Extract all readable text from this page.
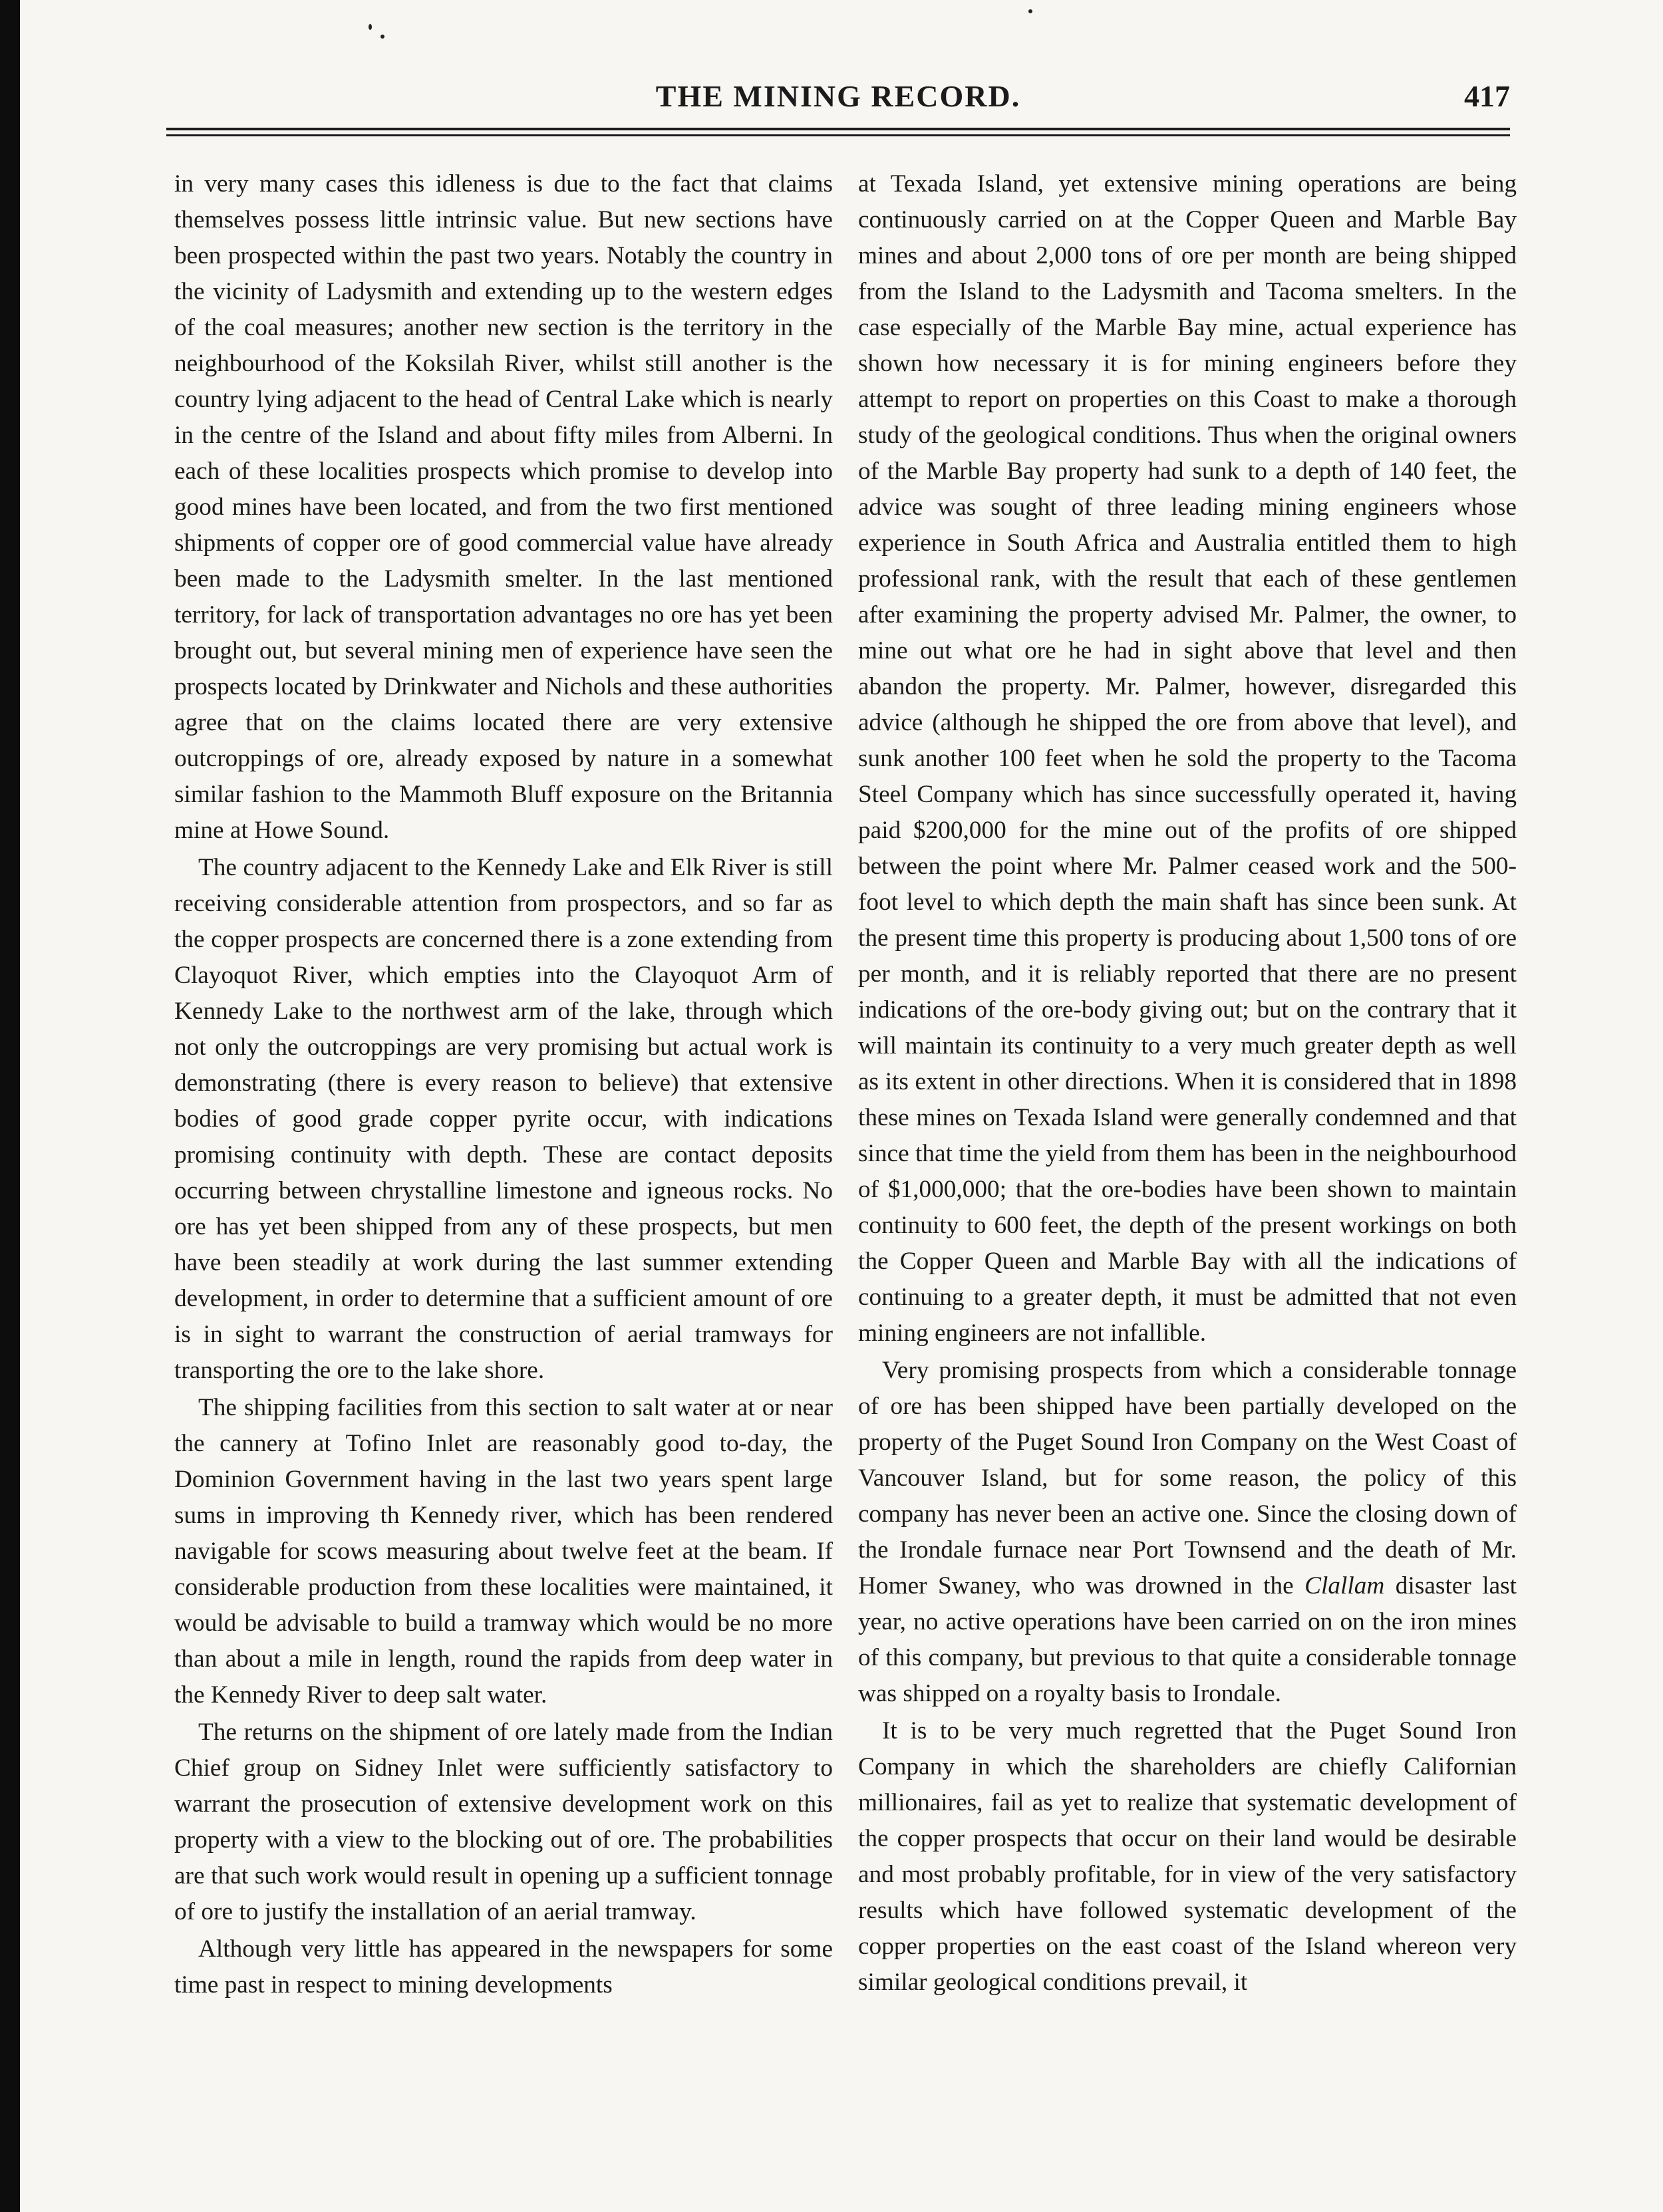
THE MINING RECORD.	417

in very many cases this idleness is due to the fact that claims themselves possess little intrinsic value. But new sections have been prospected within the past two years. Notably the country in the vicinity of Ladysmith and extending up to the western edges of the coal measures; another new section is the territory in the neighbourhood of the Koksilah River, whilst still another is the country lying adjacent to the head of Central Lake which is nearly in the centre of the Island and about fifty miles from Alberni. In each of these localities prospects which promise to develop into good mines have been located, and from the two first mentioned shipments of copper ore of good commercial value have already been made to the Ladysmith smelter. In the last mentioned territory, for lack of transportation advantages no ore has yet been brought out, but several mining men of experience have seen the prospects located by Drinkwater and Nichols and these authorities agree that on the claims located there are very extensive outcroppings of ore, already exposed by nature in a somewhat similar fashion to the Mammoth Bluff exposure on the Britannia mine at Howe Sound.

The country adjacent to the Kennedy Lake and Elk River is still receiving considerable attention from prospectors, and so far as the copper prospects are concerned there is a zone extending from Clayoquot River, which empties into the Clayoquot Arm of Kennedy Lake to the northwest arm of the lake, through which not only the outcroppings are very promising but actual work is demonstrating (there is every reason to believe) that extensive bodies of good grade copper pyrite occur, with indications promising continuity with depth. These are contact deposits occurring between chrystalline limestone and igneous rocks. No ore has yet been shipped from any of these prospects, but men have been steadily at work during the last summer extending development, in order to determine that a sufficient amount of ore is in sight to warrant the construction of aerial tramways for transporting the ore to the lake shore.

The shipping facilities from this section to salt water at or near the cannery at Tofino Inlet are reasonably good to-day, the Dominion Government having in the last two years spent large sums in improving th Kennedy river, which has been rendered navigable for scows measuring about twelve feet at the beam. If considerable production from these localities were maintained, it would be advisable to build a tramway which would be no more than about a mile in length, round the rapids from deep water in the Kennedy River to deep salt water.

The returns on the shipment of ore lately made from the Indian Chief group on Sidney Inlet were sufficiently satisfactory to warrant the prosecution of extensive development work on this property with a view to the blocking out of ore. The probabilities are that such work would result in opening up a sufficient tonnage of ore to justify the installation of an aerial tramway.

Although very little has appeared in the newspapers for some time past in respect to mining developments

at Texada Island, yet extensive mining operations are being continuously carried on at the Copper Queen and Marble Bay mines and about 2,000 tons of ore per month are being shipped from the Island to the Ladysmith and Tacoma smelters. In the case especially of the Marble Bay mine, actual experience has shown how necessary it is for mining engineers before they attempt to report on properties on this Coast to make a thorough study of the geological conditions. Thus when the original owners of the Marble Bay property had sunk to a depth of 140 feet, the advice was sought of three leading mining engineers whose experience in South Africa and Australia entitled them to high professional rank, with the result that each of these gentlemen after examining the property advised Mr. Palmer, the owner, to mine out what ore he had in sight above that level and then abandon the property. Mr. Palmer, however, disregarded this advice (although he shipped the ore from above that level), and sunk another 100 feet when he sold the property to the Tacoma Steel Company which has since successfully operated it, having paid $200,000 for the mine out of the profits of ore shipped between the point where Mr. Palmer ceased work and the 500-foot level to which depth the main shaft has since been sunk. At the present time this property is producing about 1,500 tons of ore per month, and it is reliably reported that there are no present indications of the ore-body giving out; but on the contrary that it will maintain its continuity to a very much greater depth as well as its extent in other directions. When it is considered that in 1898 these mines on Texada Island were generally condemned and that since that time the yield from them has been in the neighbourhood of $1,000,000; that the ore-bodies have been shown to maintain continuity to 600 feet, the depth of the present workings on both the Copper Queen and Marble Bay with all the indications of continuing to a greater depth, it must be admitted that not even mining engineers are not infallible.

Very promising prospects from which a considerable tonnage of ore has been shipped have been partially developed on the property of the Puget Sound Iron Company on the West Coast of Vancouver Island, but for some reason, the policy of this company has never been an active one. Since the closing down of the Irondale furnace near Port Townsend and the death of Mr. Homer Swaney, who was drowned in the Clallam disaster last year, no active operations have been carried on on the iron mines of this company, but previous to that quite a considerable tonnage was shipped on a royalty basis to Irondale.

It is to be very much regretted that the Puget Sound Iron Company in which the shareholders are chiefly Californian millionaires, fail as yet to realize that systematic development of the copper prospects that occur on their land would be desirable and most probably profitable, for in view of the very satisfactory results which have followed systematic development of the copper properties on the east coast of the Island whereon very similar geological conditions prevail, it
